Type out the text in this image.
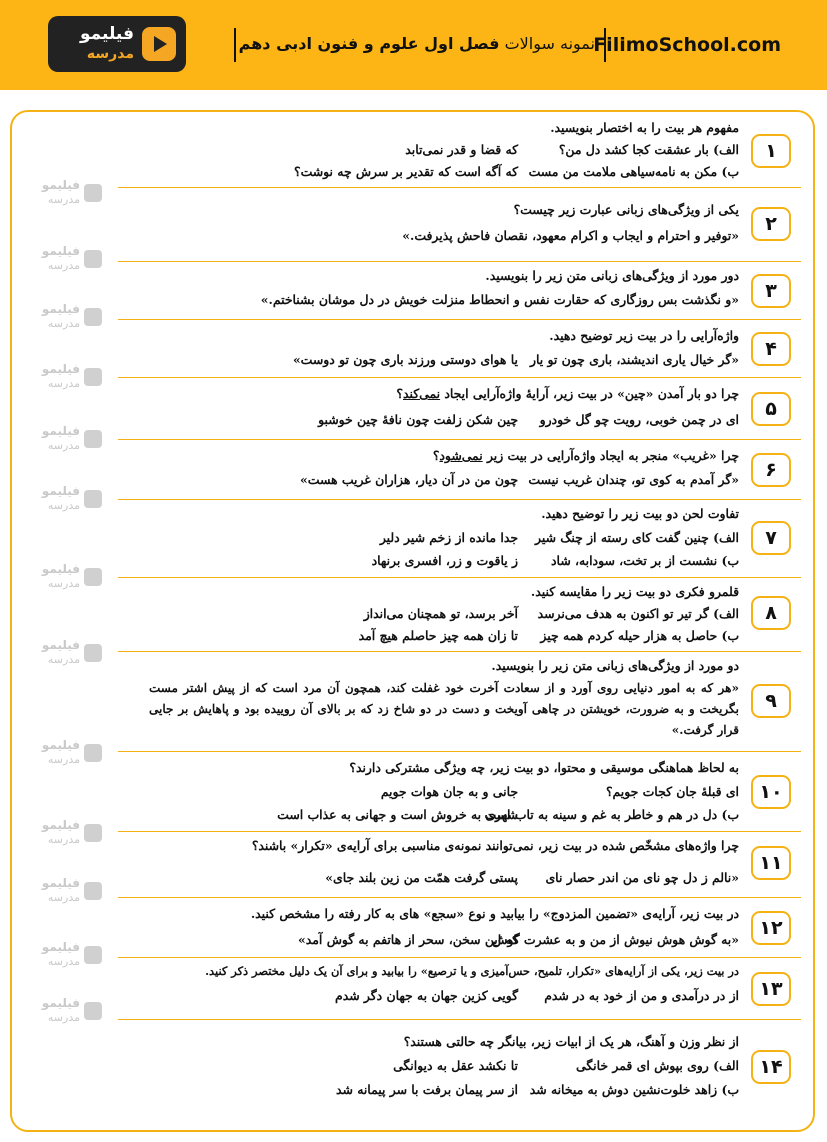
فیلیمو
مدرسه
نمونه سوالات فصل اول علوم و فنون ادبی دهم	FilimoSchool.com
فیلیمو
مدرسه
فیلیمو
مدرسه
فیلیمو
مدرسه
فیلیمو
مدرسه
فیلیمو
مدرسه
فیلیمو
مدرسه
فیلیمو
مدرسه
فیلیمو
مدرسه
فیلیمو
مدرسه
فیلیمو
مدرسه
فیلیمو
مدرسه
فیلیمو
مدرسه
فیلیمو
مدرسه
۱
مفهوم هر بیت را به اختصار بنویسید.
الف) بار عشقت کجا کشد دل من؟
که قضا و قدر نمی‌تابد
ب) مکن به نامه‌سیاهی ملامت من مست
که آگه است که تقدیر بر سرش چه نوشت؟
۲
یکی از ویژگی‌های زبانی عبارت زیر چیست؟
«توفیر و احترام و ایجاب و اکرام معهود، نقصان فاحش پذیرفت.»
۳
دور مورد از ویژگی‌های زبانی متن زیر را بنویسید.
«و نگذشت بس روزگاری که حقارت نفس و انحطاط منزلت خویش در دل موشان بشناختم.»
۴
واژه‌آرایی را در بیت زیر توضیح دهید.
«گر خیال یاری اندیشند، باری چون تو یار
یا هوای دوستی ورزند باری چون تو دوست»
۵
چرا دو بار آمدن «چین» در بیت زیر، آرایهٔ واژه‌آرایی ایجاد نمی‌کند؟
ای در چمن خوبی، رویت چو گل خودرو
چین شکن زلفت چون نافهٔ چین خوشبو
۶
چرا «غریب» منجر به ایجاد واژه‌آرایی در بیت زیر نمی‌شود؟
«گر آمدم به کوی تو، چندان غریب نیست
چون من در آن دیار، هزاران غریب هست»
۷
تفاوت لحن دو بیت زیر را توضیح دهید.
الف) چنین گفت کای رسته از چنگ شیر
جدا مانده از زخم شیر دلیر
ب) نشست از بر تخت، سودابه، شاد
ز یاقوت و زر، افسری برنهاد
۸
قلمرو فکری دو بیت زیر را مقایسه کنید.
الف) گر تیر تو اکنون به هدف می‌نرسد
آخر برسد، تو همچنان می‌انداز
ب) حاصل به هزار حیله کردم همه چیز
تا زان همه چیز حاصلم هیچ آمد
۹
دو مورد از ویژگی‌های زبانی متن زیر را بنویسید.
«هر که به امور دنیایی روی آورد و از سعادت آخرت خود غفلت کند، همچون آن مرد است که از پیش اشتر مست بگریخت و به ضرورت، خویشتن در چاهی آویخت و دست در دو شاخ زد که بر بالای آن روییده بود و پاهایش بر جایی قرار گرفت.»
۱۰
به لحاظ هماهنگی موسیقی و محتوا، دو بیت زیر، چه ویژگی مشترکی دارند؟
ای قبلهٔ جان کجات جویم؟
جانی و به جان هوات جویم
ب) دل در هم و خاطر به غم و سینه به تاب است
شهری به خروش است و جهانی به عذاب است
۱۱
چرا واژه‌های مشخّص شده در بیت زیر، نمی‌توانند نمونه‌ی مناسبی برای آرایه‌ی «تکرار» باشند؟
«نالم ز دل چو نای من اندر حصار نای
پستی گرفت همّت من زین بلند جای»
۱۲
در بیت زیر، آرایه‌ی «تضمین المزدوج» را بیابید و نوع «سجع» های به کار رفته را مشخص کنید.
«به گوش هوش نیوش از من و به عشرت گوش
که این سخن، سحر از هاتفم به گوش آمد»
۱۳
در بیت زیر، یکی از آرایه‌های «تکرار، تلمیح، حس‌آمیزی و یا ترصیع» را بیابید و برای آن یک دلیل مختصر ذکر کنید.
از در درآمدی و من از خود به در شدم
گویی کزین جهان به جهان دگر شدم
۱۴
از نظر وزن و آهنگ، هر یک از ابیات زیر، بیانگر چه حالتی هستند؟
الف) روی بپوش ای قمر خانگی
تا نکشد عقل به دیوانگی
ب) زاهد خلوت‌نشین دوش به میخانه شد
از سر پیمان برفت با سر پیمانه شد
